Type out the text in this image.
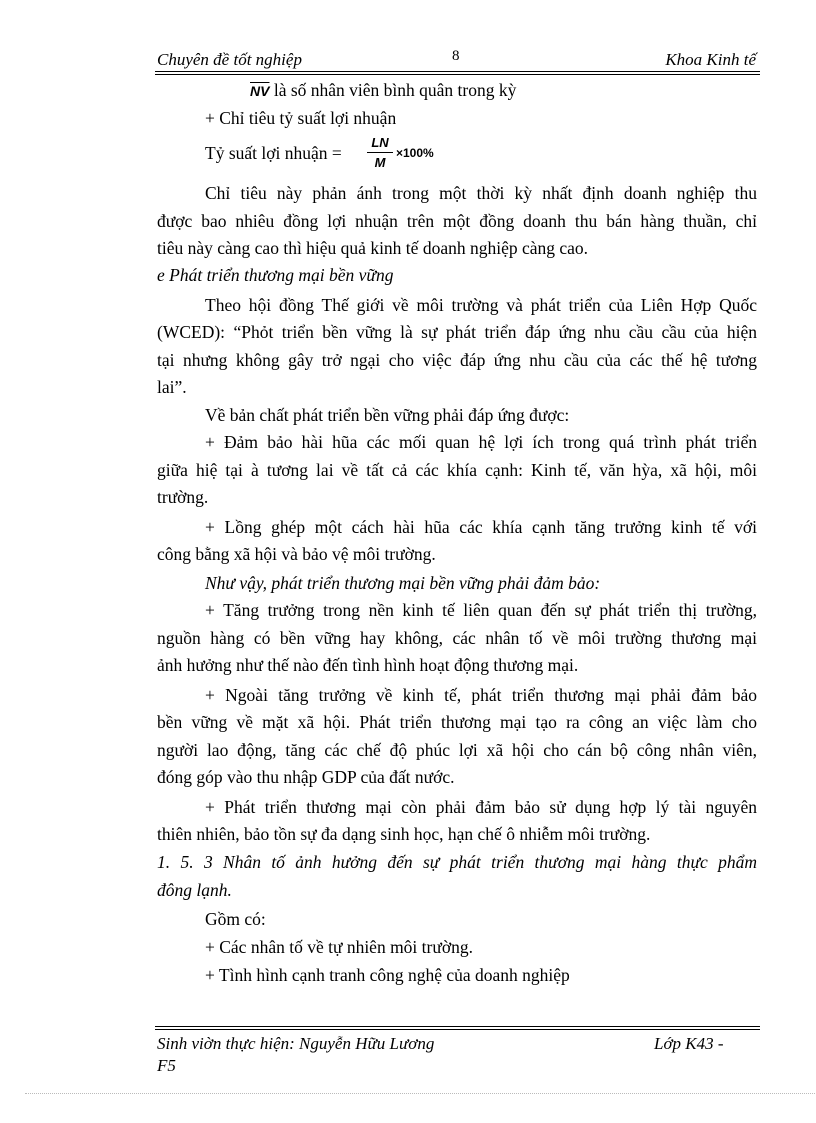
Chuyên đề tốt nghiệp	8	Khoa Kinh tế
$\overline{NV}$ là số nhân viên bình quân trong kỳ
+ Chỉ tiêu tỷ suất lợi nhuận
Tỷ suất lợi nhuận =
LN
M
×100%
Chỉ tiêu này phản ánh trong một thời kỳ nhất định doanh nghiệp thu
được bao nhiêu đồng lợi nhuận trên một đồng doanh thu bán hàng thuần, chỉ
tiêu này càng cao thì hiệu quả kinh tế doanh nghiệp càng cao.
e Phát triển thương mại bền vững
Theo hội đồng Thế giới về môi trường và phát triển của Liên Hợp Quốc
(WCED): “Phỏt triển bền vững là sự phát triển đáp ứng nhu cầu cầu của hiện
tại nhưng không gây trở ngại cho việc đáp ứng nhu cầu của các thế hệ tương
lai”.
Về bản chất phát triển bền vững phải đáp ứng được:
+ Đảm bảo hài hũa các mối quan hệ lợi ích trong quá trình phát triển
giữa hiệ tại à tương lai về tất cả các khía cạnh: Kinh tế, văn hỳa, xã hội, môi
trường.
+ Lồng ghép một cách hài hũa các khía cạnh tăng trưởng kinh tế với
công bằng xã hội và bảo vệ môi trường.
Như vậy, phát triển thương mại bền vững phải đảm bảo:
+ Tăng trưởng trong nền kinh tế liên quan đến sự phát triển thị trường,
nguồn hàng có bền vững hay không, các nhân tố về môi trường thương mại
ảnh hưởng như thế nào đến tình hình hoạt động thương mại.
+ Ngoài tăng trưởng về kinh tế, phát triển thương mại phải đảm bảo
bền vững về mặt xã hội. Phát triển thương mại tạo ra công an việc làm cho
người lao động, tăng các chế độ phúc lợi xã hội cho cán bộ công nhân viên,
đóng góp vào thu nhập GDP của đất nước.
+ Phát triển thương mại còn phải đảm bảo sử dụng hợp lý tài nguyên
thiên nhiên, bảo tồn sự đa dạng sinh học, hạn chế ô nhiễm môi trường.
1. 5. 3 Nhân tố ảnh hưởng đến sự phát triển thương mại hàng thực phẩm
đông lạnh.
Gồm có:
+ Các nhân tố về tự nhiên môi trường.
+ Tình hình cạnh tranh công nghệ của doanh nghiệp
Sinh viờn thực hiện: Nguyễn Hữu Lương	Lớp K43 -
F5
